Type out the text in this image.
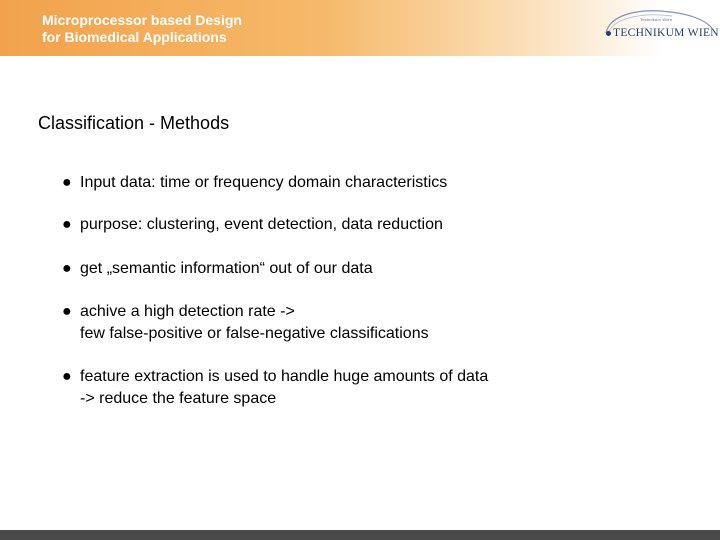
Microprocessor based Design
for Biomedical Applications
Technikum Wien
TECHNIKUM WIEN
Classification - Methods
● Input data: time or frequency domain characteristics
● purpose: clustering, event detection, data reduction
● get „semantic information“ out of our data
● achive a high detection rate ->
few false-positive or false-negative classifications
● feature extraction is used to handle huge amounts of data
-> reduce the feature space
